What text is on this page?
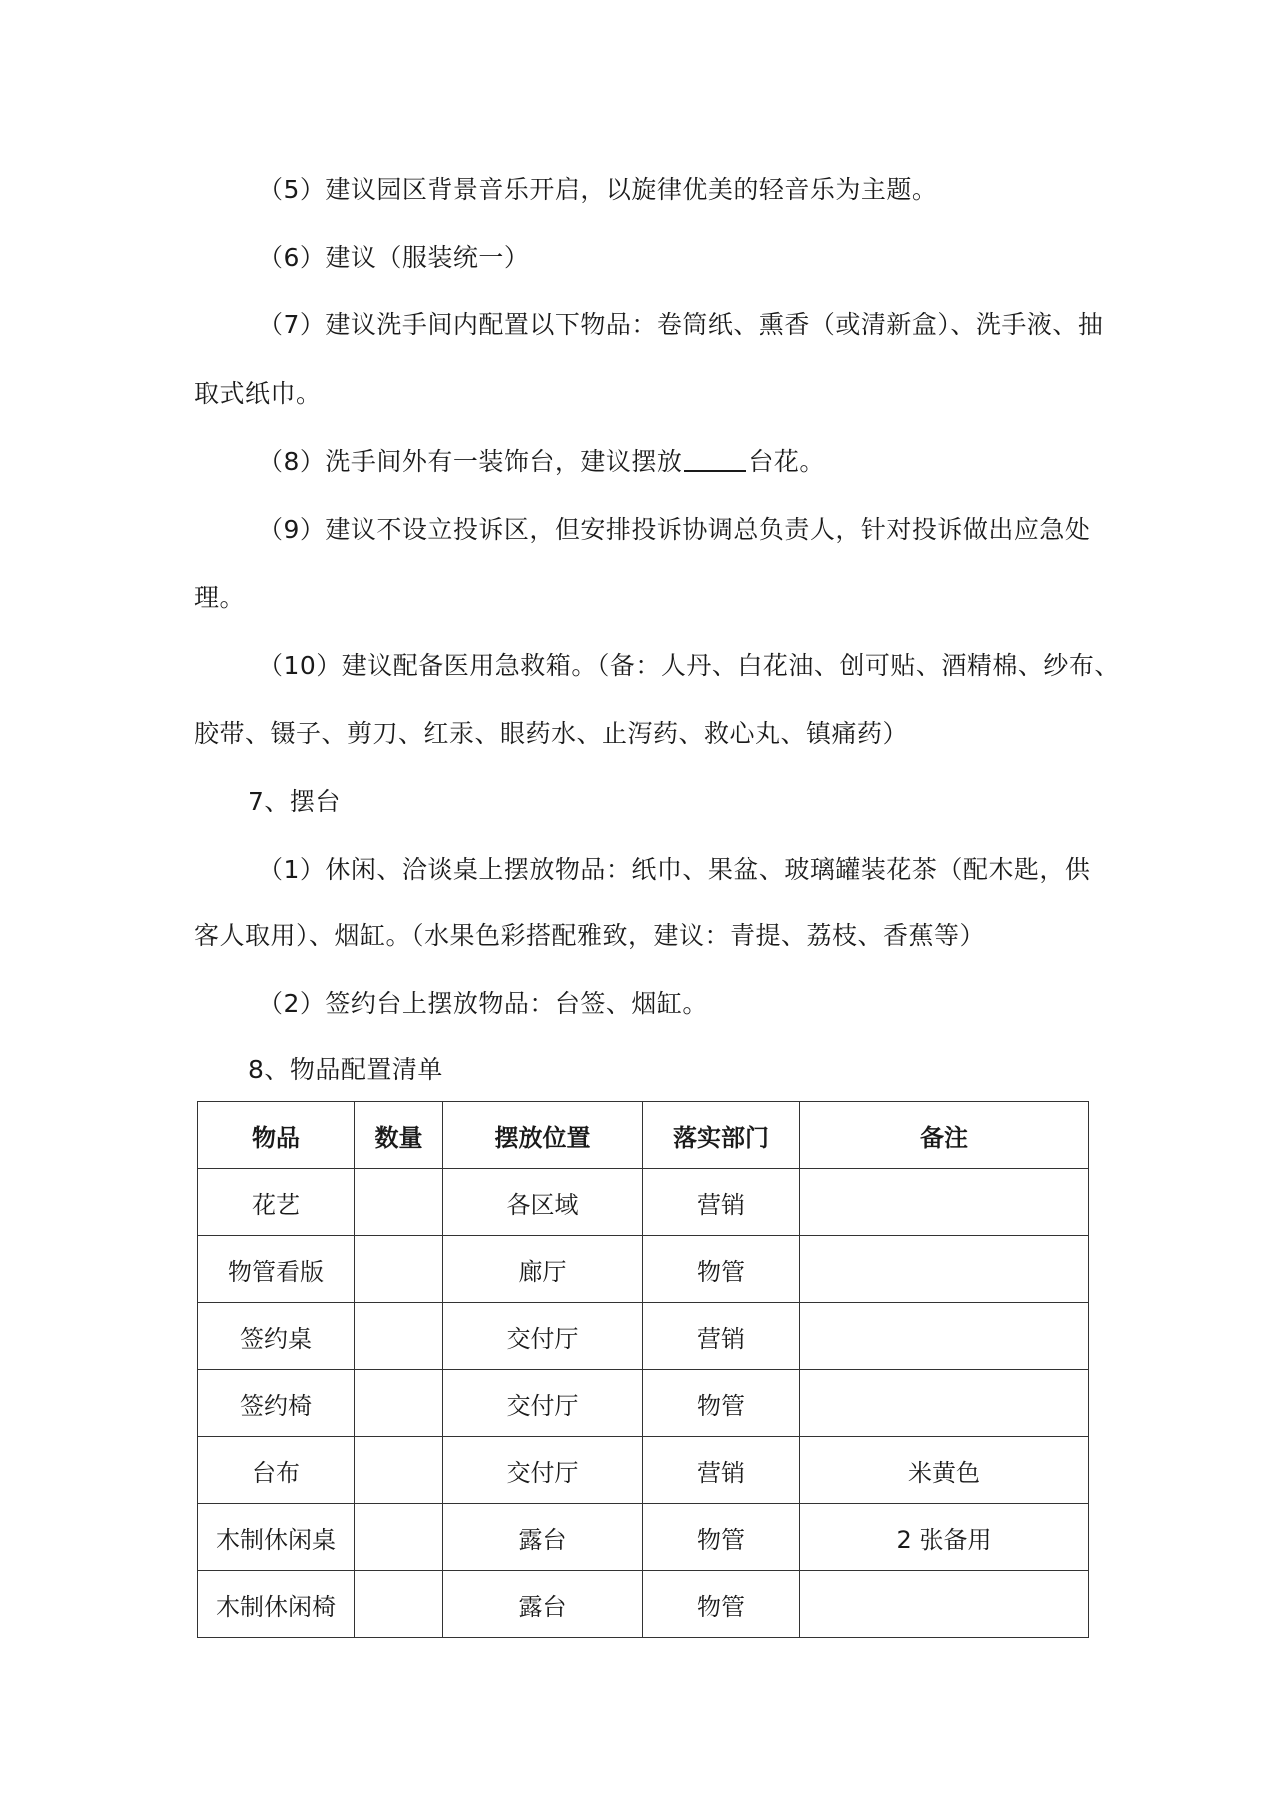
（5）建议园区背景音乐开启，以旋律优美的轻音乐为主题。
（6）建议（服装统一）
（7）建议洗手间内配置以下物品：卷筒纸、熏香（或清新盒）、洗手液、抽
取式纸巾。
（8）洗手间外有一装饰台，建议摆放	台花。
（9）建议不设立投诉区，但安排投诉协调总负责人，针对投诉做出应急处
理。
（10）建议配备医用急救箱。（备：人丹、白花油、创可贴、酒精棉、纱布、
胶带、镊子、剪刀、红汞、眼药水、止泻药、救心丸、镇痛药）
7、摆台
（1）休闲、洽谈桌上摆放物品：纸巾、果盆、玻璃罐装花茶（配木匙，供
客人取用）、烟缸。（水果色彩搭配雅致，建议：青提、荔枝、香蕉等）
（2）签约台上摆放物品：台签、烟缸。
8、物品配置清单
物品	数量	摆放位置	落实部门	备注
花艺		各区域	营销	
物管看版		廊厅	物管	
签约桌		交付厅	营销	
签约椅		交付厅	物管	
台布		交付厅	营销	米黄色
木制休闲桌		露台	物管	2 张备用
木制休闲椅		露台	物管	
